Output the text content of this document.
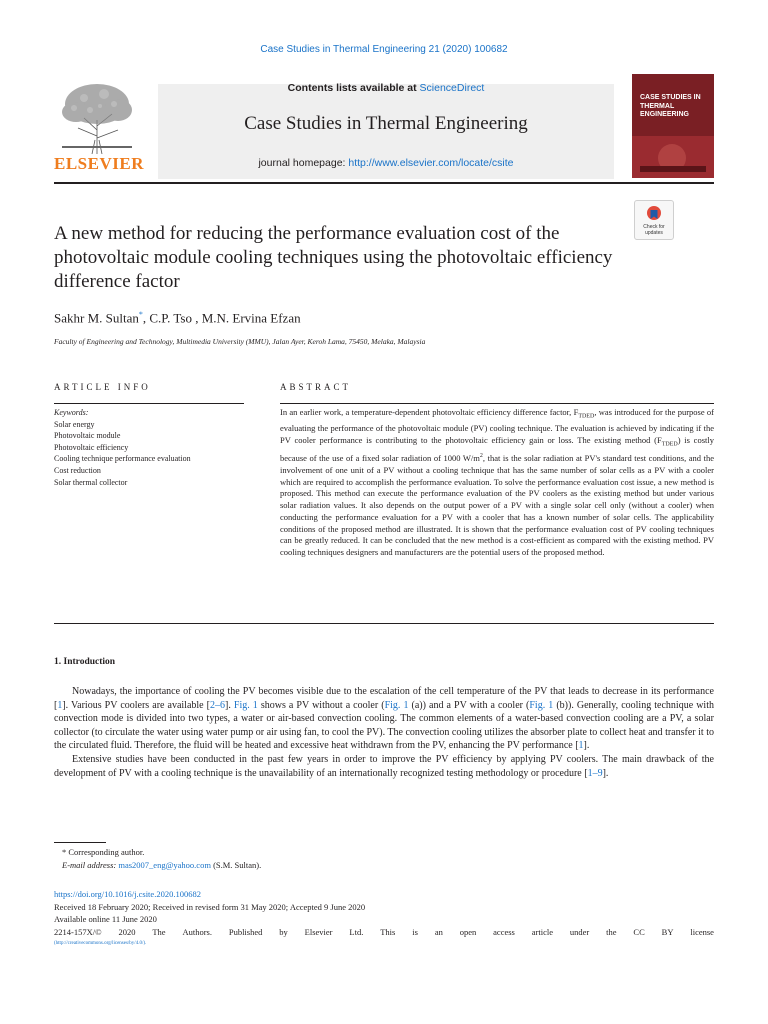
Case Studies in Thermal Engineering 21 (2020) 100682
ELSEVIER
Contents lists available at ScienceDirect
Case Studies in Thermal Engineering
journal homepage: http://www.elsevier.com/locate/csite
CASE STUDIES IN THERMAL ENGINEERING
Check for updates
A new method for reducing the performance evaluation cost of the photovoltaic module cooling techniques using the photovoltaic efficiency difference factor
Sakhr M. Sultan*, C.P. Tso , M.N. Ervina Efzan
Faculty of Engineering and Technology, Multimedia University (MMU), Jalan Ayer, Keroh Lama, 75450, Melaka, Malaysia
ARTICLE INFO	ABSTRACT
Keywords:
Solar energy
Photovoltaic module
Photovoltaic efficiency
Cooling technique performance evaluation
Cost reduction
Solar thermal collector
In an earlier work, a temperature-dependent photovoltaic efficiency difference factor, $F_{TDED}$, was introduced for the purpose of evaluating the performance of the photovoltaic module (PV) cooling technique. The evaluation is achieved by indicating if the PV cooler performance is contributing to the photovoltaic efficiency gain or loss. The existing method $(F_{TDED})$ is costly because of the use of a fixed solar radiation of 1000 $W/m^2$, that is the solar radiation at PV's standard test conditions, and the involvement of one unit of a PV without a cooling technique that has the same number of solar cells as a PV with a cooler which are required to accomplish the performance evaluation. To solve the performance evaluation cost issue, a new method is proposed. This method can execute the performance evaluation of the PV coolers as the existing method but under various solar radiation values. It also depends on the output power of a PV with a single solar cell only (without a cooler) when conducting the performance evaluation for a PV with a cooler that has a known number of solar cells. The applicability conditions of the proposed method are illustrated. It is shown that the performance evaluation cost of PV cooling techniques can be greatly reduced. It can be concluded that the new method is a cost-efficient as compared with the existing method. PV cooling techniques designers and manufacturers are the potential users of the proposed method.
1. Introduction

Nowadays, the importance of cooling the PV becomes visible due to the escalation of the cell temperature of the PV that leads to decrease in its performance [1]. Various PV coolers are available [2–6]. Fig. 1 shows a PV without a cooler (Fig. 1 (a)) and a PV with a cooler (Fig. 1 (b)). Generally, cooling technique with convection mode is divided into two types, a water or air-based convection cooling. The common elements of a water-based convection cooling are a PV, a solar collector (to circulate the water using water pump or air using fan, to cool the PV). The convection cooling utilizes the absorber plate to collect heat and transfer it to the circulated fluid. Therefore, the fluid will be heated and excessive heat withdrawn from the PV, enhancing the PV performance [1].

Extensive studies have been conducted in the past few years in order to improve the PV efficiency by applying PV coolers. The main drawback of the development of PV with a cooling technique is the unavailability of an internationally recognized testing methodology or procedure [1–9].

* Corresponding author.
E-mail address: mas2007_eng@yahoo.com (S.M. Sultan).
https://doi.org/10.1016/j.csite.2020.100682
Received 18 February 2020; Received in revised form 31 May 2020; Accepted 9 June 2020
Available online 11 June 2020
2214-157X/© 2020 The Authors. Published by Elsevier Ltd. This is an open access article under the CC BY license
(http://creativecommons.org/licenses/by/4.0/).
